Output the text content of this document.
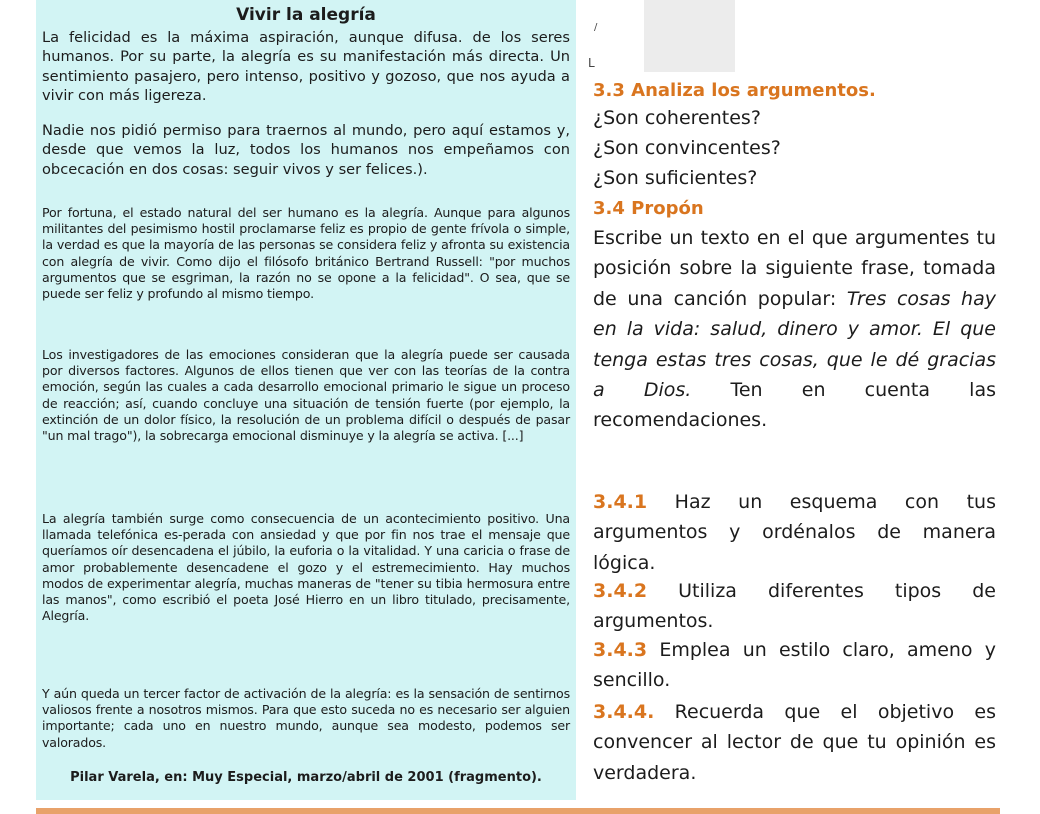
Vivir la alegría

La felicidad es la máxima aspiración, aunque difusa. de los seres humanos. Por su parte, la alegría es su manifestación más directa. Un sentimiento pasajero, pero intenso, positivo y gozoso, que nos ayuda a vivir con más ligereza.

Nadie nos pidió permiso para traernos al mundo, pero aquí estamos y, desde que vemos la luz, todos los humanos nos empeñamos con obcecación en dos cosas: seguir vivos y ser felices.).

Por fortuna, el estado natural del ser humano es la alegría. Aunque para algunos militantes del pesimismo hostil proclamarse feliz es propio de gente frívola o simple, la verdad es que la mayoría de las personas se considera feliz y afronta su existencia con alegría de vivir. Como dijo el filósofo británico Bertrand Russell: "por muchos argumentos que se esgriman, la razón no se opone a la felicidad". O sea, que se puede ser feliz y profundo al mismo tiempo.

Los investigadores de las emociones consideran que la alegría puede ser causada por diversos factores. Algunos de ellos tienen que ver con las teorías de la contra emoción, según las cuales a cada desarrollo emocional primario le sigue un proceso de reacción; así, cuando concluye una situación de tensión fuerte (por ejemplo, la extinción de un dolor físico, la resolución de un problema difícil o después de pasar "un mal trago"), la sobrecarga emocional disminuye y la alegría se activa. [...]

La alegría también surge como consecuencia de un acontecimiento positivo. Una llamada telefónica es-perada con ansiedad y que por fin nos trae el mensaje que queríamos oír desencadena el júbilo, la euforia o la vitalidad. Y una caricia o frase de amor probablemente desencadene el gozo y el estremecimiento. Hay muchos modos de experimentar alegría, muchas maneras de "tener su tibia hermosura entre las manos", como escribió el poeta José Hierro en un libro titulado, precisamente, Alegría.

Y aún queda un tercer factor de activación de la alegría: es la sensación de sentirnos valiosos frente a nosotros mismos. Para que esto suceda no es necesario ser alguien importante; cada uno en nuestro mundo, aunque sea modesto, podemos ser valorados.

Pilar Varela, en: Muy Especial, marzo/abril de 2001 (fragmento).
/
ᒪ
3.3 Analiza los argumentos.
¿Son coherentes?
¿Son convincentes?
¿Son suficientes?
3.4 Propón

Escribe un texto en el que argumentes tu posición sobre la siguiente frase, tomada de una canción popular: Tres cosas hay en la vida: salud, dinero y amor. El que tenga estas tres cosas, que le dé gracias a Dios. Ten en cuenta las recomendaciones.

3.4.1 Haz un esquema con tus argumentos y ordénalos de manera lógica.

3.4.2 Utiliza diferentes tipos de argumentos.

3.4.3 Emplea un estilo claro, ameno y sencillo.

3.4.4. Recuerda que el objetivo es convencer al lector de que tu opinión es verdadera.
